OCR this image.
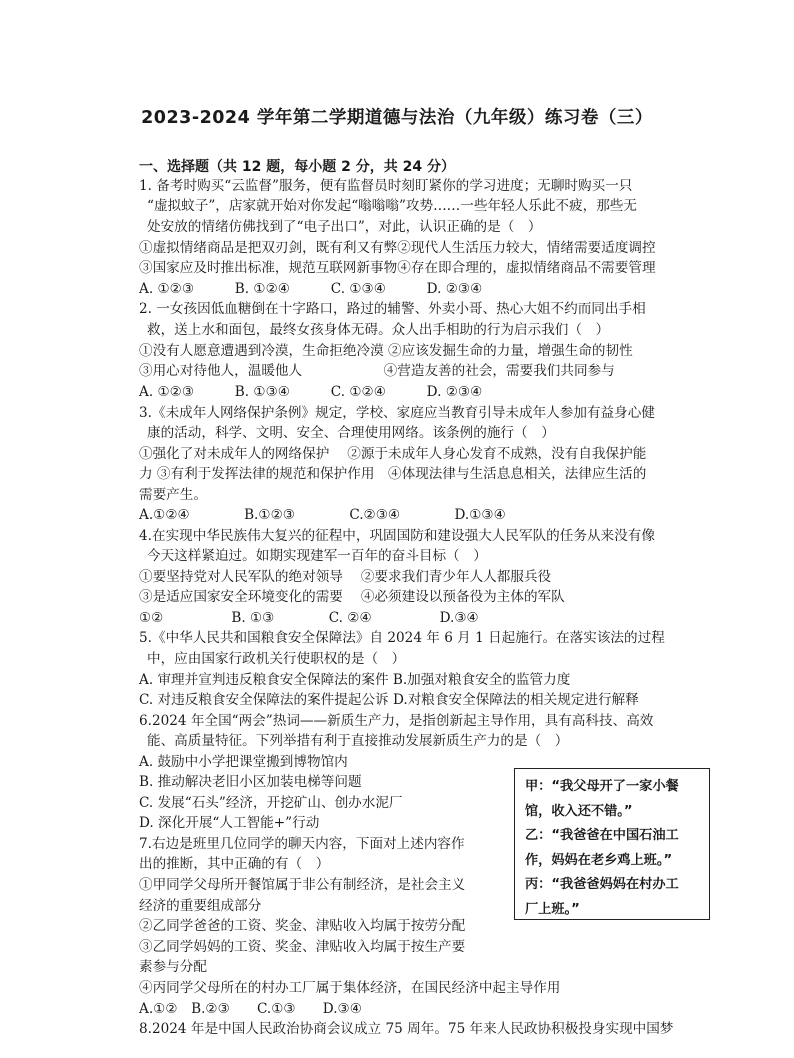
2023-2024 学年第二学期道德与法治（九年级）练习卷（三）
一、选择题（共 12 题，每小题 2 分，共 24 分）
1. 备考时购买“云监督”服务，便有监督员时刻盯紧你的学习进度；无聊时购买一只
“虚拟蚊子”，店家就开始对你发起“嗡嗡嗡”攻势……一些年轻人乐此不疲，那些无
处安放的情绪仿佛找到了“电子出口”，对此，认识正确的是（　）
①虚拟情绪商品是把双刃剑，既有利又有弊②现代人生活压力较大，情绪需要适度调控
③国家应及时推出标准，规范互联网新事物④存在即合理的，虚拟情绪商品不需要管理
A. ①②③　　　B. ①②④　　　C. ①③④　　　D. ②③④
2. 一女孩因低血糖倒在十字路口，路过的辅警、外卖小哥、热心大姐不约而同出手相
救，送上水和面包，最终女孩身体无碍。众人出手相助的行为启示我们（　）
①没有人愿意遭遇到冷漠，生命拒绝冷漠 ②应该发掘生命的力量，增强生命的韧性
③用心对待他人，温暖他人　　　　　　④营造友善的社会，需要我们共同参与
A. ①②③　　　B. ①③④　　　C. ①②④　　　D. ②③④
3.《未成年人网络保护条例》规定，学校、家庭应当教育引导未成年人参加有益身心健
康的活动，科学、文明、安全、合理使用网络。该条例的施行（　）
①强化了对未成年人的网络保护　 ②源于未成年人身心发育不成熟，没有自我保护能
力 ③有利于发挥法律的规范和保护作用　④体现法律与生活息息相关，法律应生活的
需要产生。
A.①②④　　　　B.①②③　　　　C.②③④　　　　D.①③④
4.在实现中华民族伟大复兴的征程中，巩固国防和建设强大人民军队的任务从来没有像
今天这样紧迫过。如期实现建军一百年的奋斗目标（　）
①要坚持党对人民军队的绝对领导　 ②要求我们青少年人人都服兵役
③是适应国家安全环境变化的需要　 ④必须建设以预备役为主体的军队
①②　　　　　B. ①③　　　　C. ②④　　　　　D.③④
5.《中华人民共和国粮食安全保障法》自 2024 年 6 月 1 日起施行。在落实该法的过程
中，应由国家行政机关行使职权的是（　）
A. 审理并宣判违反粮食安全保障法的案件 B.加强对粮食安全的监管力度
C. 对违反粮食安全保障法的案件提起公诉 D.对粮食安全保障法的相关规定进行解释
6.2024 年全国“两会”热词——新质生产力，是指创新起主导作用，具有高科技、高效
能、高质量特征。下列举措有利于直接推动发展新质生产力的是（　）
A. 鼓励中小学把课堂搬到博物馆内
B. 推动解决老旧小区加装电梯等问题
C. 发展“石头”经济，开挖矿山、创办水泥厂
D. 深化开展“人工智能+”行动
7.右边是班里几位同学的聊天内容，下面对上述内容作
出的推断，其中正确的有（　）
①甲同学父母所开餐馆属于非公有制经济，是社会主义
经济的重要组成部分
②乙同学爸爸的工资、奖金、津贴收入均属于按劳分配
③乙同学妈妈的工资、奖金、津贴收入均属于按生产要
素参与分配
④丙同学父母所在的村办工厂属于集体经济，在国民经济中起主导作用
A.①②　B.②③　　C.①③　　D.③④
8.2024 年是中国人民政治协商会议成立 75 周年。75 年来人民政协积极投身实现中国梦
甲：“我父母开了一家小餐
馆，收入还不错。”
乙：“我爸爸在中国石油工
作，妈妈在老乡鸡上班。”
丙：“我爸爸妈妈在村办工
厂上班。”
